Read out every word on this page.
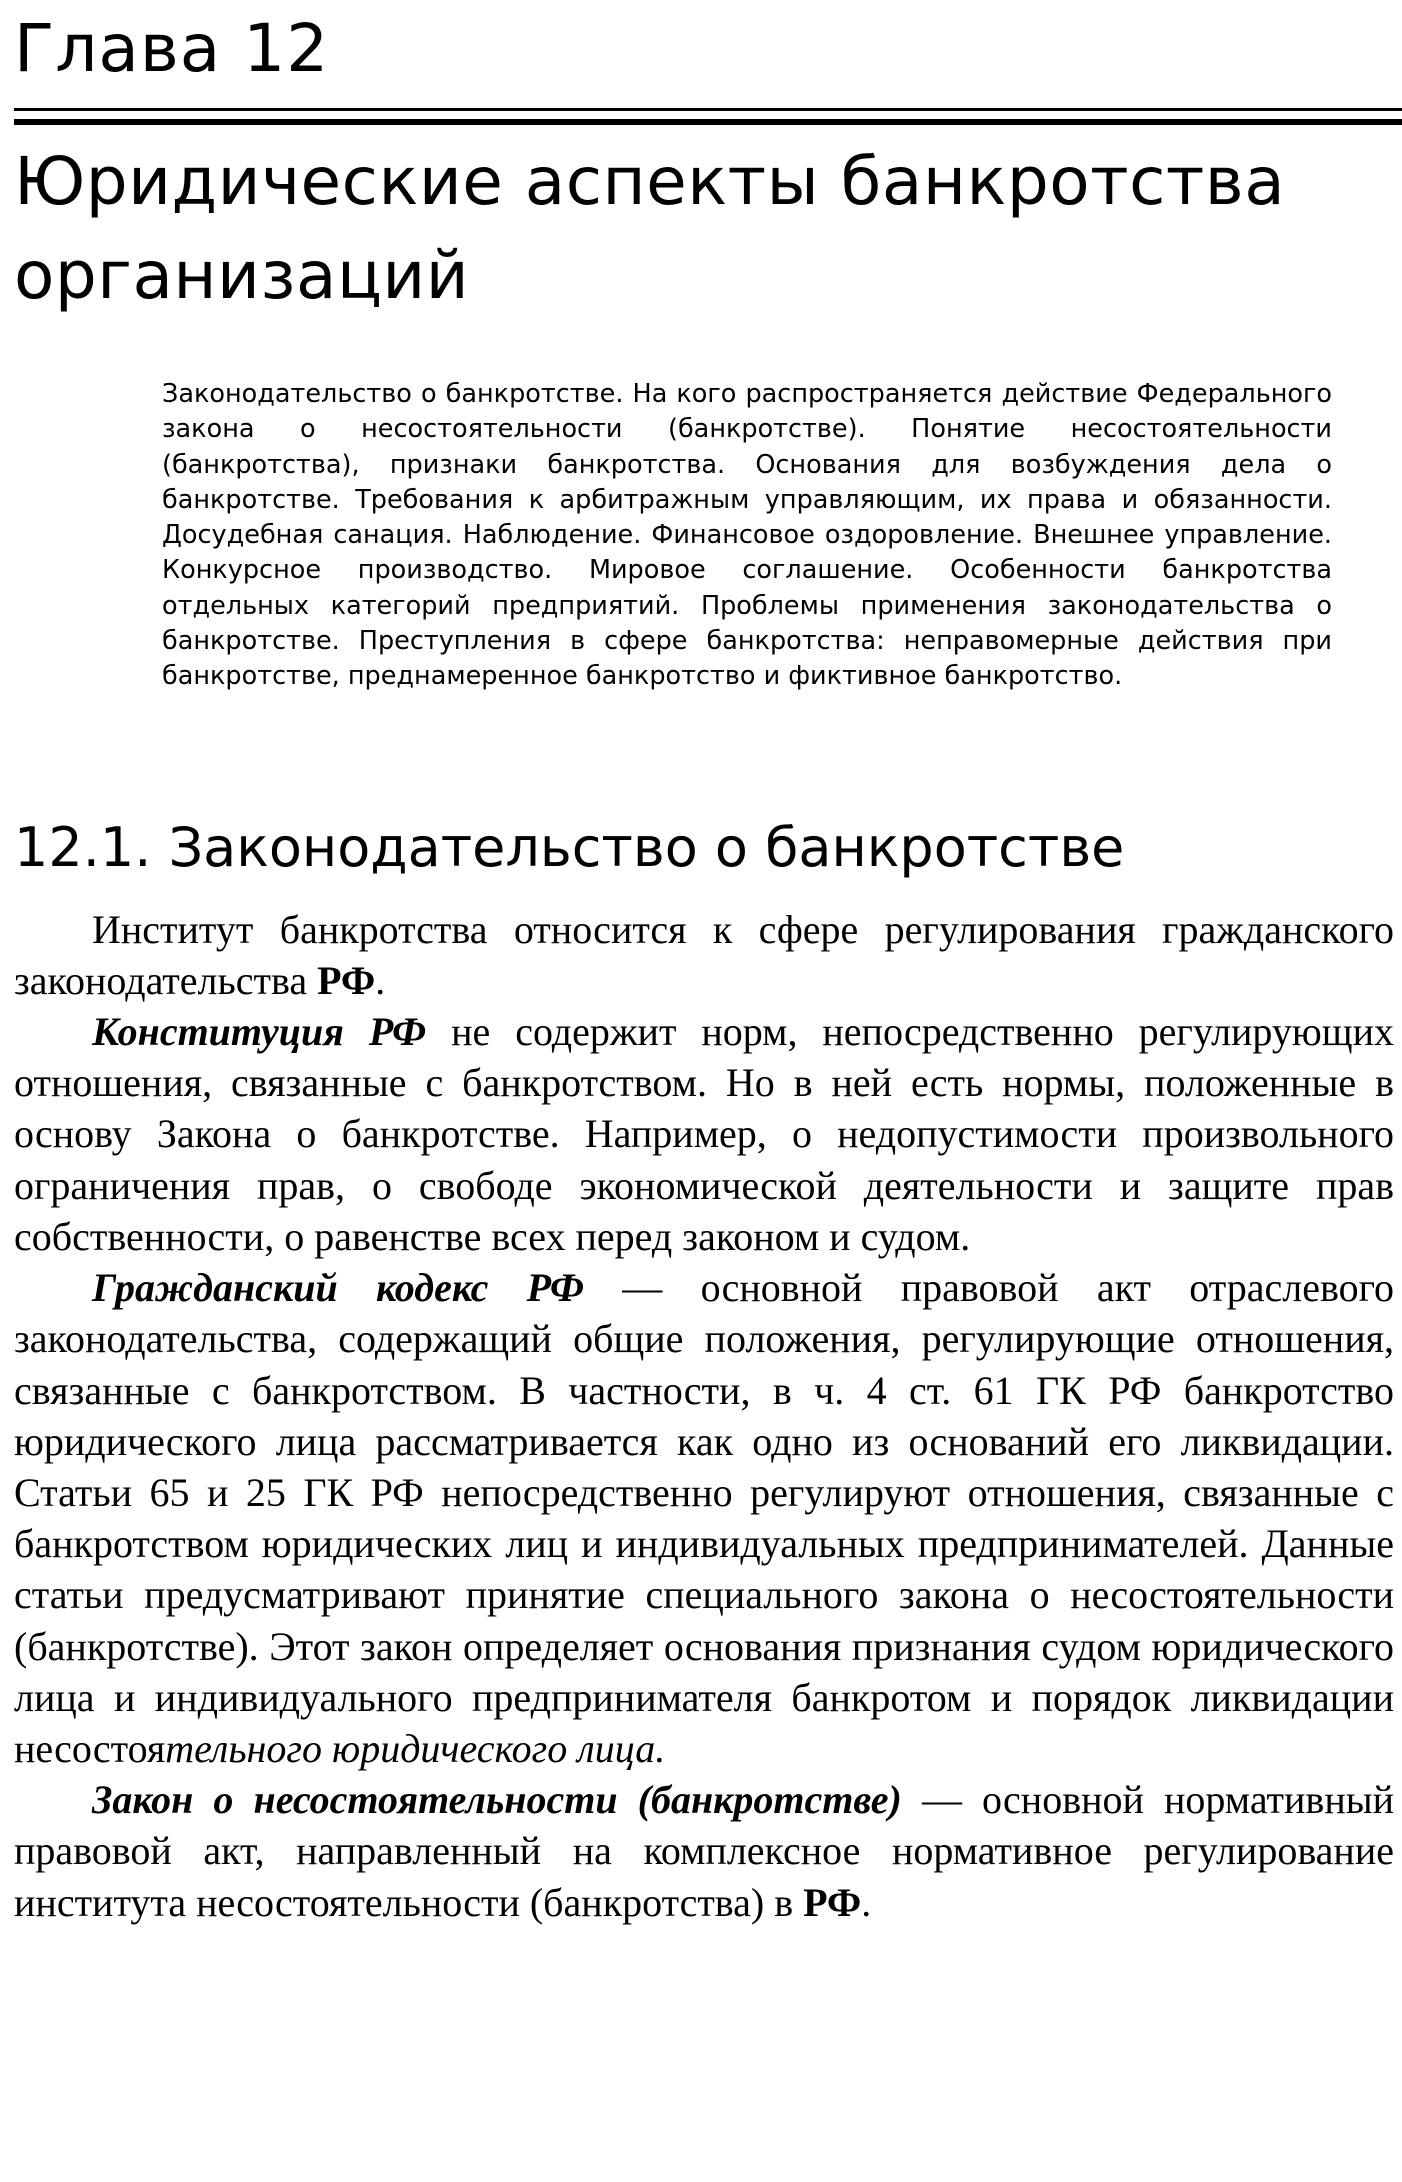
Глава 12
Юридические аспекты банкротства организаций
Законодательство о банкротстве. На кого распространяется действие Федерального закона о несостоятельности (банкротстве). Понятие несостоятельности (банкротства), признаки банкротства. Основания для возбуждения дела о банкротстве. Требования к арбитражным управляющим, их права и обязанности. Досудебная санация. Наблюдение. Финансовое оздоровление. Внешнее управление. Конкурсное производство. Мировое соглашение. Особенности банкротства отдельных категорий предприятий. Проблемы применения законодательства о банкротстве. Преступления в сфере банкротства: неправомерные действия при банкротстве, преднамеренное банкротство и фиктивное банкротство.
12.1. Законодательство о банкротстве

Институт банкротства относится к сфере регулирования гражданского законодательства РФ.

Конституция РФ не содержит норм, непосредственно регулирующих отношения, связанные с банкротством. Но в ней есть нормы, положенные в основу Закона о банкротстве. Например, о недопустимости произвольного ограничения прав, о свободе экономической деятельности и защите прав собственности, о равенстве всех перед законом и судом.

Гражданский кодекс РФ — основной правовой акт отраслевого законодательства, содержащий общие положения, регулирующие отношения, связанные с банкротством. В частности, в ч. 4 ст. 61 ГК РФ банкротство юридического лица рассматривается как одно из оснований его ликвидации. Статьи 65 и 25 ГК РФ непосредственно регулируют отношения, связанные с банкротством юридических лиц и индивидуальных предпринимателей. Данные статьи предусматривают принятие специального закона о несостоятельности (банкротстве). Этот закон определяет основания признания судом юридического лица и индивидуального предпринимателя банкротом и порядок ликвидации несостоятельного юридического лица.

Закон о несостоятельности (банкротстве) — основной нормативный правовой акт, направленный на комплексное нормативное регулирование института несостоятельности (банкротства) в РФ.
